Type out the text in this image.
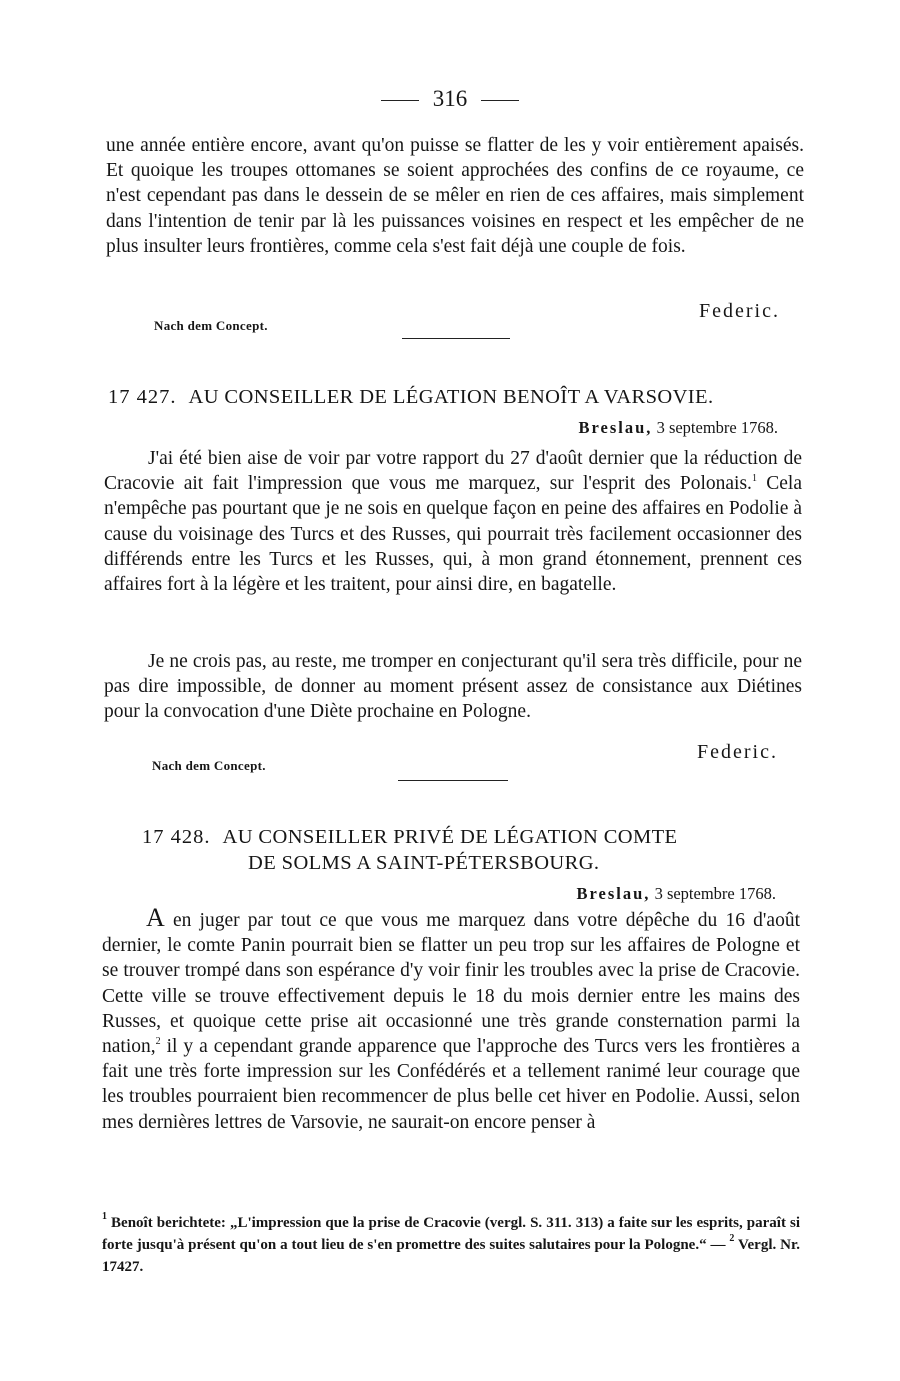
316
une année entière encore, avant qu'on puisse se flatter de les y voir entièrement apaisés. Et quoique les troupes ottomanes se soient approchées des confins de ce royaume, ce n'est cependant pas dans le dessein de se mêler en rien de ces affaires, mais simplement dans l'intention de tenir par là les puissances voisines en respect et les empêcher de ne plus insulter leurs frontières, comme cela s'est fait déjà une couple de fois.
Federic.
Nach dem Concept.
17 427. AU CONSEILLER DE LÉGATION BENOÎT A VARSOVIE.
Breslau, 3 septembre 1768.
J'ai été bien aise de voir par votre rapport du 27 d'août dernier que la réduction de Cracovie ait fait l'impression que vous me marquez, sur l'esprit des Polonais.$^1$ Cela n'empêche pas pourtant que je ne sois en quelque façon en peine des affaires en Podolie à cause du voisinage des Turcs et des Russes, qui pourrait très facilement occasionner des différends entre les Turcs et les Russes, qui, à mon grand étonnement, prennent ces affaires fort à la légère et les traitent, pour ainsi dire, en bagatelle.
Je ne crois pas, au reste, me tromper en conjecturant qu'il sera très difficile, pour ne pas dire impossible, de donner au moment présent assez de consistance aux Diétines pour la convocation d'une Diète prochaine en Pologne.
Federic.
Nach dem Concept.
17 428. AU CONSEILLER PRIVÉ DE LÉGATION COMTE
DE SOLMS A SAINT-PÉTERSBOURG.
Breslau, 3 septembre 1768.
A en juger par tout ce que vous me marquez dans votre dépêche du 16 d'août dernier, le comte Panin pourrait bien se flatter un peu trop sur les affaires de Pologne et se trouver trompé dans son espérance d'y voir finir les troubles avec la prise de Cracovie. Cette ville se trouve effectivement depuis le 18 du mois dernier entre les mains des Russes, et quoique cette prise ait occasionné une très grande consternation parmi la nation,$^2$ il y a cependant grande apparence que l'approche des Turcs vers les frontières a fait une très forte impression sur les Confédérés et a tellement ranimé leur courage que les troubles pourraient bien recommencer de plus belle cet hiver en Podolie. Aussi, selon mes dernières lettres de Varsovie, ne saurait-on encore penser à
$^1$ Benoît berichtete: „L'impression que la prise de Cracovie (vergl. S. 311. 313) a faite sur les esprits, paraît si forte jusqu'à présent qu'on a tout lieu de s'en promettre des suites salutaires pour la Pologne.“ — $^2$ Vergl. Nr. 17427.
